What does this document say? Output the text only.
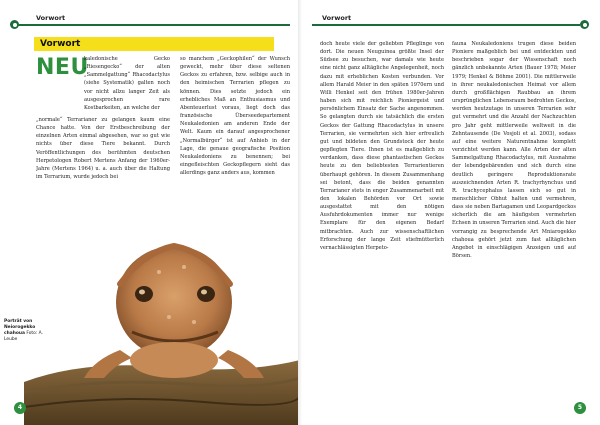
Vorwort
Vorwort
NEU

kaledonische Gecko „Riesengecko“ der alten „Sammelgattung“ Rhacodactylus (siehe Systematik) galten noch vor nicht allzu langer Zeit als ausgesprochen rare Kostbarkeiten, an welche der

„normale“ Terrarianer zu gelangen kaum eine Chance hatte. Von der Erstbeschreibung der einzelnen Arten einmal abgesehen, war so gut wie nichts über diese Tiere bekannt. Durch Veröffentlichungen des berühmten deutschen Herpetologen Robert Mertens Anfang der 1960er-Jahre (Mertens 1964) u. a. auch über die Haltung im Terrarium, wurde jedoch bei

so manchem „Geckophilen“ der Wunsch geweckt, mehr über diese seltenen Geckos zu erfahren, bzw. selbige auch in den heimischen Terrarien pflegen zu können. Dies setzte jedoch ein erhebliches Maß an Enthusiasmus und Abenteuerlust voraus, liegt doch das französische Überseedepartement Neukaledonien am anderen Ende der Welt. Kaum ein darauf angesprochener „Normalbürger“ ist auf Anhieb in der Lage, die genaue geografische Position Neukaledoniens zu benennen; bei eingefleischten Geckopflegern sieht das allerdings ganz anders aus, kommen

Porträt von Neiorogekko chahoua Foto: A. Leube
4
Vorwort

doch heute viele der geliebten Pfleglinge von dort. Die neuen Neuguinea größte Insel der Südsee zu besuchen, war damals wie heute eine nicht ganz alltägliche Angelegenheit, noch dazu mit erheblichen Kosten verbunden. Vor allem Harald Meier in den späten 1970ern und Willi Henkel seit den frühen 1980er-Jahren haben sich mit reichlich Pioniergeist und persönlichem Einsatz der Sache angenommen. So gelangten durch sie tatsächlich die ersten Geckos der Gattung Rhacodactylus in unsere Terrarien, sie vermehrten sich hier erfreulich gut und bildeten den Grundstock der heute gepflegten Tiere. Ihnen ist es maßgeblich zu verdanken, dass diese phantastischen Geckos heute zu den beliebtesten Terrarientieren überhaupt gehören. In diesem Zusammenhang sei betont, dass die beiden genannten Terrarianer stets in enger Zusammenarbeit mit den lokalen Behörden vor Ort sowie ausgestattet mit den nötigen Ausfuhrdokumenten immer nur wenige Exemplare für den eigenen Bedarf mitbrachten. Auch zur wissenschaftlichen Erforschung der lange Zeit stiefmütterlich vernachlässigten Herpeto-

fauna Neukaledoniens trugen diese beiden Pioniere maßgeblich bei und entdeckten und beschrieben sogar der Wissenschaft noch gänzlich unbekannte Arten (Bauer 1978; Meier 1979; Henkel & Böhme 2001). Die mittlerweile in ihrer neukaledonischen Heimat vor allem durch großflächigen Raubbau an ihrem ursprünglichen Lebensraum bedrohten Geckos, werden heutzutage in unseren Terrarien sehr gut vermehrt und die Anzahl der Nachzuchten pro Jahr geht mittlerweile weltweit in die Zehntausende (De Vosjoli et al. 2003), sodass auf eine weitere Naturentnahme komplett verzichtet werden kann. Alle Arten der alten Sammelgattung Rhacodactylus, mit Ausnahme der lebendgebärenden und sich durch eine deutlich geringere Reproduktionsrate auszeichnenden Arten R. trachyrhynchus und R. trachycephalus lassen sich so gut in menschlicher Obhut halten und vermehren, dass sie neben Bartagamen und Leopardgeckos sicherlich die am häufigsten vermehrten Echsen in unseren Terrarien sind. Auch die hier vorrangig zu besprechende Art Mniarogekko chahoua gehört jetzt zum fast alltäglichen Angebot in einschlägigen Anzeigen und auf Börsen.

5
